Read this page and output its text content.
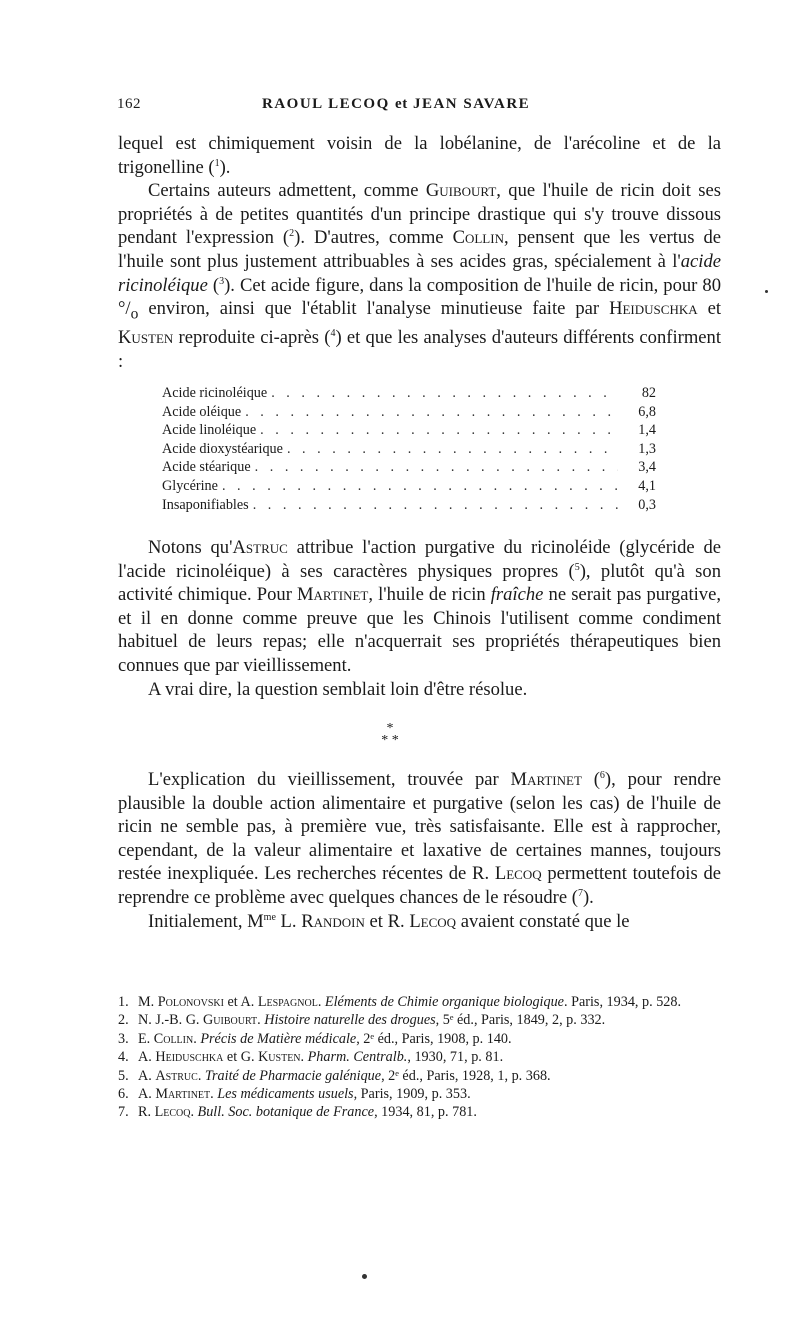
162	RAOUL LECOQ et JEAN SAVARE

lequel est chimiquement voisin de la lobélanine, de l'arécoline et de la trigonelline ($^1$).

Certains auteurs admettent, comme Guibourt, que l'huile de ricin doit ses propriétés à de petites quantités d'un principe drastique qui s'y trouve dissous pendant l'expression ($^2$). D'autres, comme Collin, pensent que les vertus de l'huile sont plus justement attribuables à ses acides gras, spécialement à l'acide ricinoléique ($^3$). Cet acide figure, dans la composition de l'huile de ricin, pour 80 $^\circ/_o$ environ, ainsi que l'établit l'analyse minutieuse faite par Heiduschka et Kusten reproduite ci-après ($^4$) et que les analyses d'auteurs différents confirment :

Acide ricinoléique . . .	82
Acide oléique . . .	6,8
Acide linoléique . . .	1,4
Acide dioxystéarique . . .	1,3
Acide stéarique . . .	3,4
Glycérine . . .	4,1
Insaponifiables . . .	0,3

Notons qu'Astruc attribue l'action purgative du ricinoléide (glycéride de l'acide ricinoléique) à ses caractères physiques propres ($^5$), plutôt qu'à son activité chimique. Pour Martinet, l'huile de ricin fraîche ne serait pas purgative, et il en donne comme preuve que les Chinois l'utilisent comme condiment habituel de leurs repas; elle n'acquerrait ses propriétés thérapeutiques bien connues que par vieillissement.

A vrai dire, la question semblait loin d'être résolue.

*
* *

L'explication du vieillissement, trouvée par Martinet ($^6$), pour rendre plausible la double action alimentaire et purgative (selon les cas) de l'huile de ricin ne semble pas, à première vue, très satisfaisante. Elle est à rapprocher, cependant, de la valeur alimentaire et laxative de certaines mannes, toujours restée inexpliquée. Les recherches récentes de R. Lecoq permettent toutefois de reprendre ce problème avec quelques chances de le résoudre ($^7$).

Initialement, $M^{me}$ L. Randoin et R. Lecoq avaient constaté que le

1. M. Polonovski et A. Lespagnol. Eléments de Chimie organique biologique. Paris, 1934, p. 528.

2. N. J.-B. G. Guibourt. Histoire naturelle des drogues, 5ᵉ éd., Paris, 1849, 2, p. 332.

3. E. Collin. Précis de Matière médicale, 2ᵉ éd., Paris, 1908, p. 140.

4. A. Heiduschka et G. Kusten. Pharm. Centralb., 1930, 71, p. 81.

5. A. Astruc. Traité de Pharmacie galénique, 2ᵉ éd., Paris, 1928, 1, p. 368.

6. A. Martinet. Les médicaments usuels, Paris, 1909, p. 353.

7. R. Lecoq. Bull. Soc. botanique de France, 1934, 81, p. 781.
